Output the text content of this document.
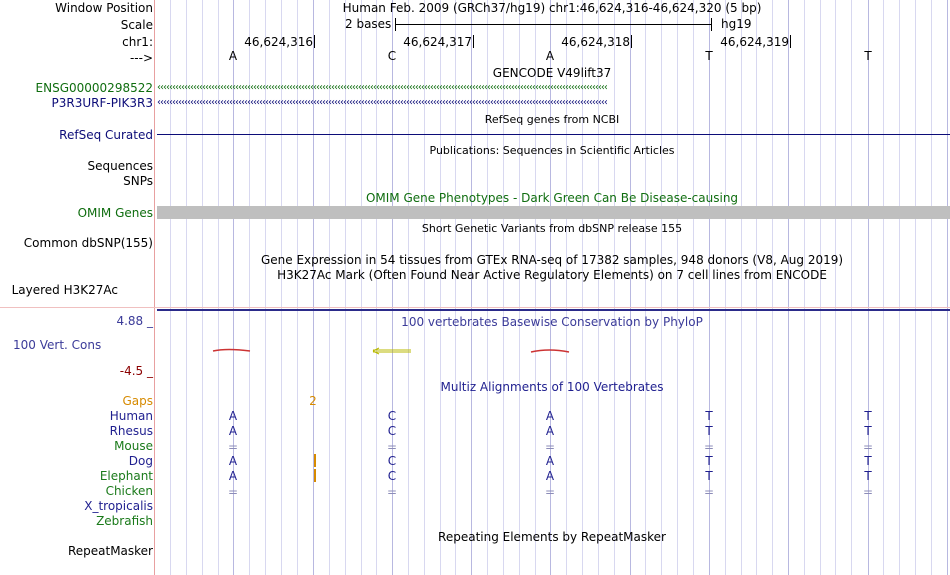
Window Position	Human Feb. 2009 (GRCh37/hg19) chr1:46,624,316-46,624,320 (5 bp)
Scale	2 bases	hg19
chr1:	46,624,316	46,624,317	46,624,318	46,624,319
--->	A	C	A	T	T
GENCODE V49lift37
ENSG00000298522 ‹‹‹‹‹‹‹‹‹‹‹‹‹‹‹‹‹‹‹‹‹‹‹‹‹‹‹‹‹‹‹‹‹‹‹‹‹‹‹‹‹‹‹‹‹‹‹‹‹‹‹‹‹‹‹‹‹‹‹‹‹‹‹‹‹‹‹‹‹‹‹‹‹‹‹‹‹‹‹‹‹‹‹‹‹‹‹‹‹‹‹‹‹‹‹‹‹‹‹‹‹‹‹‹‹‹‹‹‹‹‹‹‹‹‹‹‹‹‹‹‹‹‹‹‹‹‹‹‹‹‹‹‹‹‹‹‹‹‹‹‹‹‹‹‹‹‹‹‹‹
P3R3URF-PIK3R3 ‹‹‹‹‹‹‹‹‹‹‹‹‹‹‹‹‹‹‹‹‹‹‹‹‹‹‹‹‹‹‹‹‹‹‹‹‹‹‹‹‹‹‹‹‹‹‹‹‹‹‹‹‹‹‹‹‹‹‹‹‹‹‹‹‹‹‹‹‹‹‹‹‹‹‹‹‹‹‹‹‹‹‹‹‹‹‹‹‹‹‹‹‹‹‹‹‹‹‹‹‹‹‹‹‹‹‹‹‹‹‹‹‹‹‹‹‹‹‹‹‹‹‹‹‹‹‹‹‹‹‹‹‹‹‹‹‹‹‹‹‹‹‹‹‹‹‹‹‹‹
RefSeq genes from NCBI
RefSeq Curated
Publications: Sequences in Scientific Articles
Sequences
SNPs
OMIM Gene Phenotypes - Dark Green Can Be Disease-causing
OMIM Genes
Short Genetic Variants from dbSNP release 155
Common dbSNP(155)
Gene Expression in 54 tissues from GTEx RNA-seq of 17382 samples, 948 donors (V8, Aug 2019)
H3K27Ac Mark (Often Found Near Active Regulatory Elements) on 7 cell lines from ENCODE
Layered H3K27Ac
100 vertebrates Basewise Conservation by PhyloP
4.88 _
100 Vert. Cons
-4.5 _
Multiz Alignments of 100 Vertebrates
Gaps	2
Human	A	C	A	T	T
Rhesus	A	C	A	T	T
Mouse	=	=	=	=	=
Dog	A	C	A	T	T
Elephant	A	C	A	T	T
Chicken	=	=	=	=	=
X_tropicalis
Zebrafish
Repeating Elements by RepeatMasker
RepeatMasker
